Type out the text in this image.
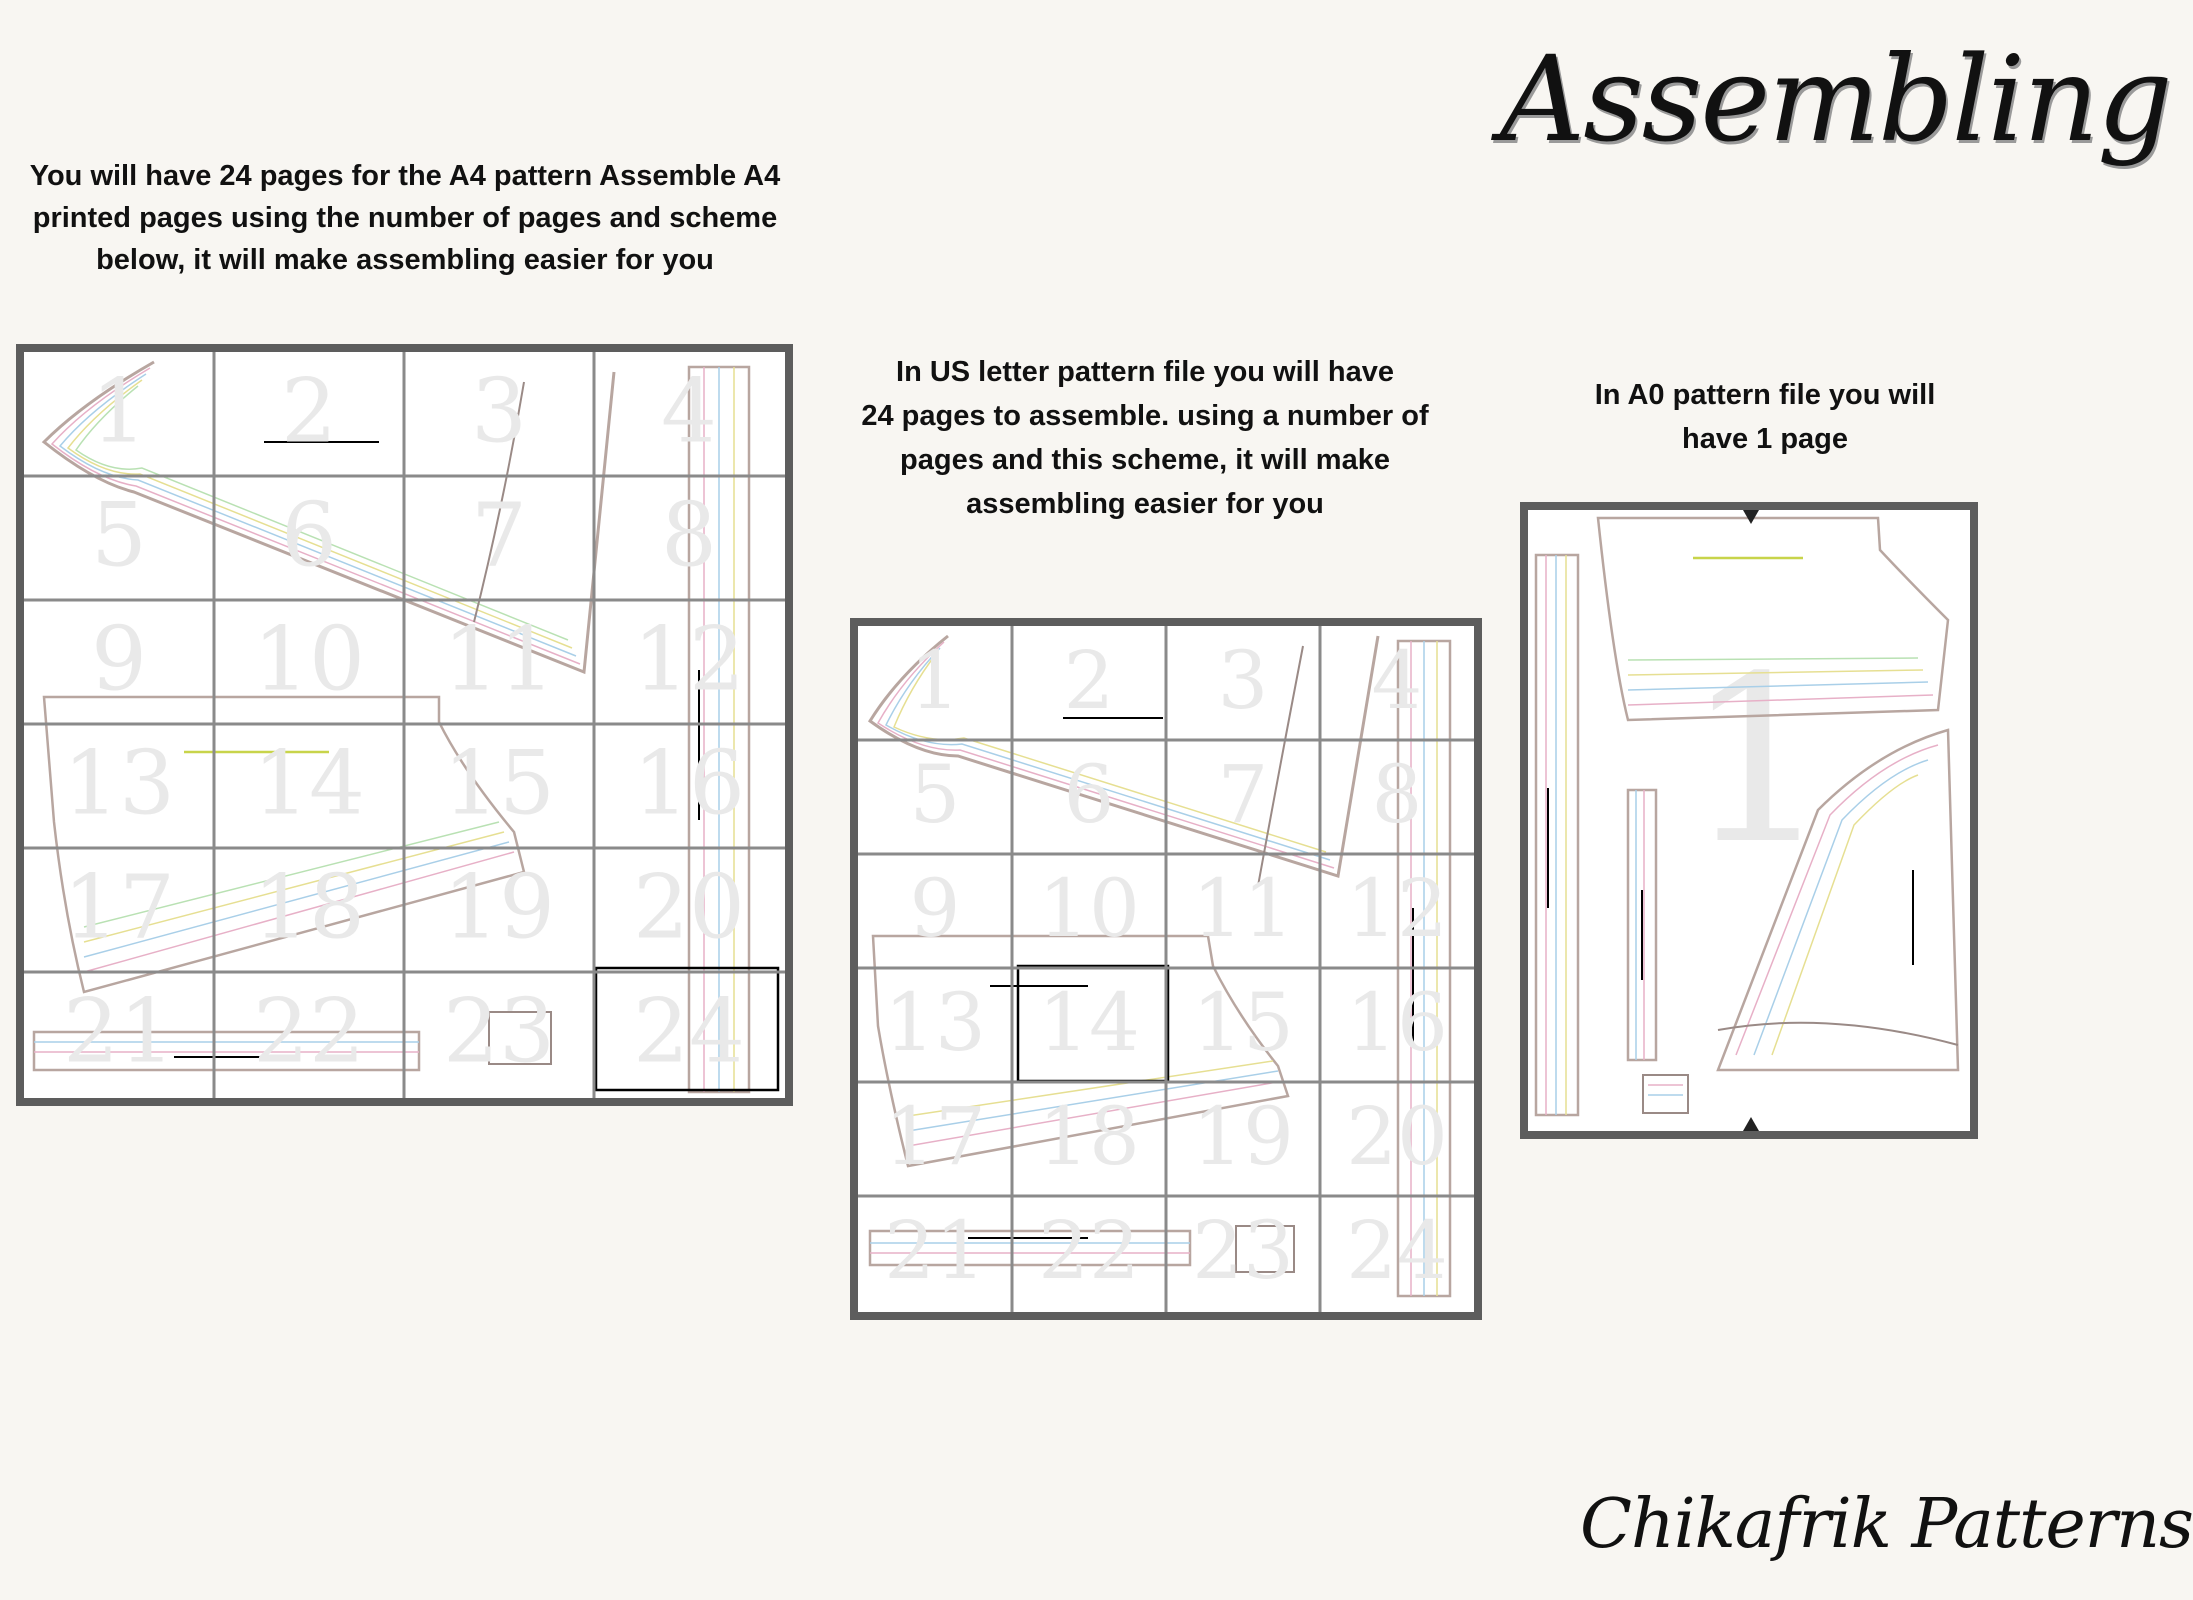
Assembling
You will have 24 pages for the A4 pattern Assemble A4
printed pages using the number of pages and scheme
below, it will make assembling easier for you
In US letter pattern file you will have
24 pages to assemble. using a number of
pages and this scheme, it will make
assembling easier for you
In A0 pattern file you will
have 1 page
1 2 3 4
5 6 7 8
9 10 11 12
13 14 15 16
17 18 19 20
21 22 23 24
1 2 3 4
5 6 7 8
9 10 11 12
13 14 15 16
17 18 19 20
21 22 23 24
1
Chikafrik Patterns
